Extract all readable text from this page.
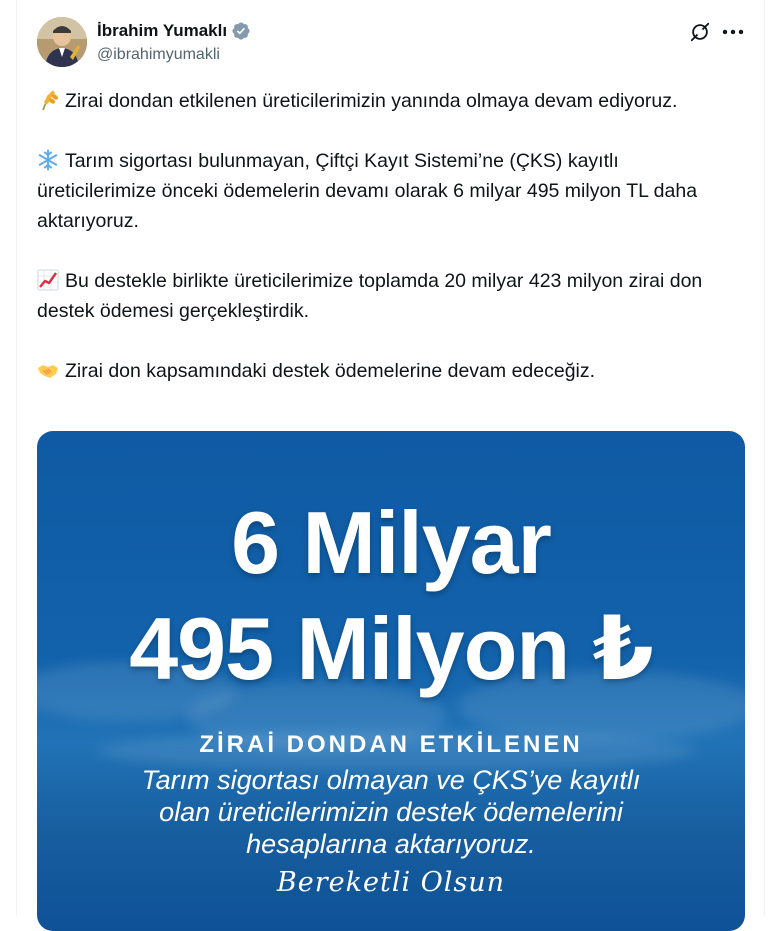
İbrahim Yumaklı
@ibrahimyumakli

Zirai dondan etkilenen üreticilerimizin yanında olmaya devam ediyoruz.

Tarım sigortası bulunmayan, Çiftçi Kayıt Sistemi’ne (ÇKS) kayıtlı üreticilerimize önceki ödemelerin devamı olarak 6 milyar 495 milyon TL daha aktarıyoruz.

Bu destekle birlikte üreticilerimize toplamda 20 milyar 423 milyon zirai don destek ödemesi gerçekleştirdik.

Zirai don kapsamındaki destek ödemelerine devam edeceğiz.

6 Milyar
495 Milyon ₺
ZİRAİ DONDAN ETKİLENEN
Tarım sigortası olmayan ve ÇKS’ye kayıtlı
olan üreticilerimizin destek ödemelerini
hesaplarına aktarıyoruz.
Bereketli Olsun
